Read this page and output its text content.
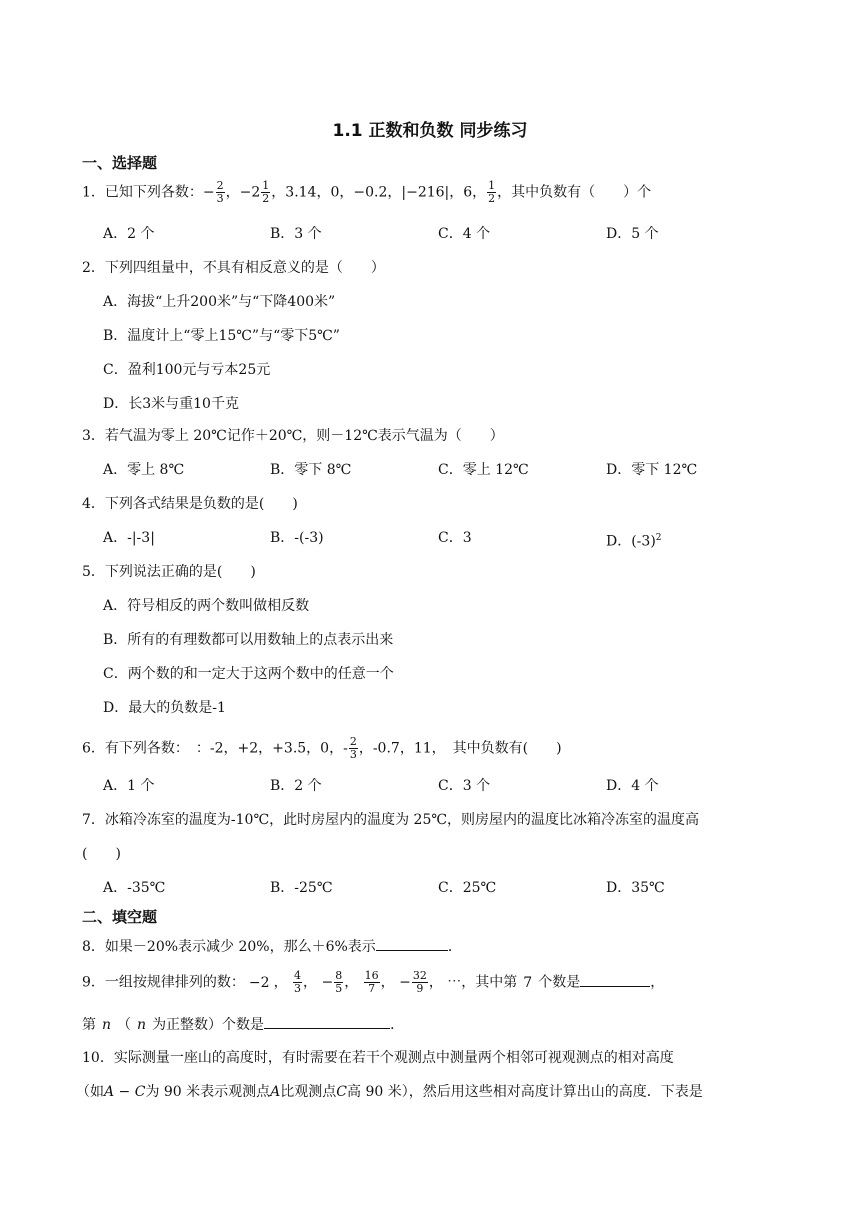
1.1 正数和负数 同步练习
一、选择题
1．已知下列各数：− $\frac{2}{3}$ ，$-2 \frac{1}{2}$ ，3.14，0，−0.2，|−216|，6， $\frac{1}{2}$ ，其中负数有（　　）个
A．2 个	B．3 个	C．4 个	D．5 个
2．下列四组量中，不具有相反意义的是（　　）
A．海拔“上升200米”与“下降400米”
B．温度计上“零上15℃”与“零下5℃”
C．盈利100元与亏本25元
D．长3米与重10千克
3．若气温为零上 20℃记作＋20℃，则－12℃表示气温为（　　）
A．零上 8℃	B．零下 8℃	C．零上 12℃	D．零下 12℃
4．下列各式结果是负数的是(　　)
A．-|-3|	B．-(-3)	C．3	D．$(-3)^2$
5．下列说法正确的是(　　)
A．符号相反的两个数叫做相反数
B．所有的有理数都可以用数轴上的点表示出来
C．两个数的和一定大于这两个数中的任意一个
D．最大的负数是-1
6．有下列各数：　：-2，+2，+3.5，0，- $\frac{2}{3}$ ，-0.7，11，　其中负数有(　　)
A．1 个	B．2 个	C．3 个	D．4 个
7．冰箱冷冻室的温度为-10℃，此时房屋内的温度为 25℃，则房屋内的温度比冰箱冷冻室的温度高
(　　)
A．-35℃	B．-25℃	C．25℃	D．35℃
二、填空题
8．如果－20%表示减少 20%，那么＋6%表示	．
9．一组按规律排列的数： −2 ， $\frac{4}{3}$ ， − $\frac{8}{5}$ ， $\frac{16}{7}$ ， − $\frac{32}{9}$ ， ⋯，其中第 7 个数是	，
第 n （ n 为正整数）个数是	．
10．实际测量一座山的高度时，有时需要在若干个观测点中测量两个相邻可视观测点的相对高度
（如A − C为 90 米表示观测点A比观测点C高 90 米），然后用这些相对高度计算出山的高度．下表是
